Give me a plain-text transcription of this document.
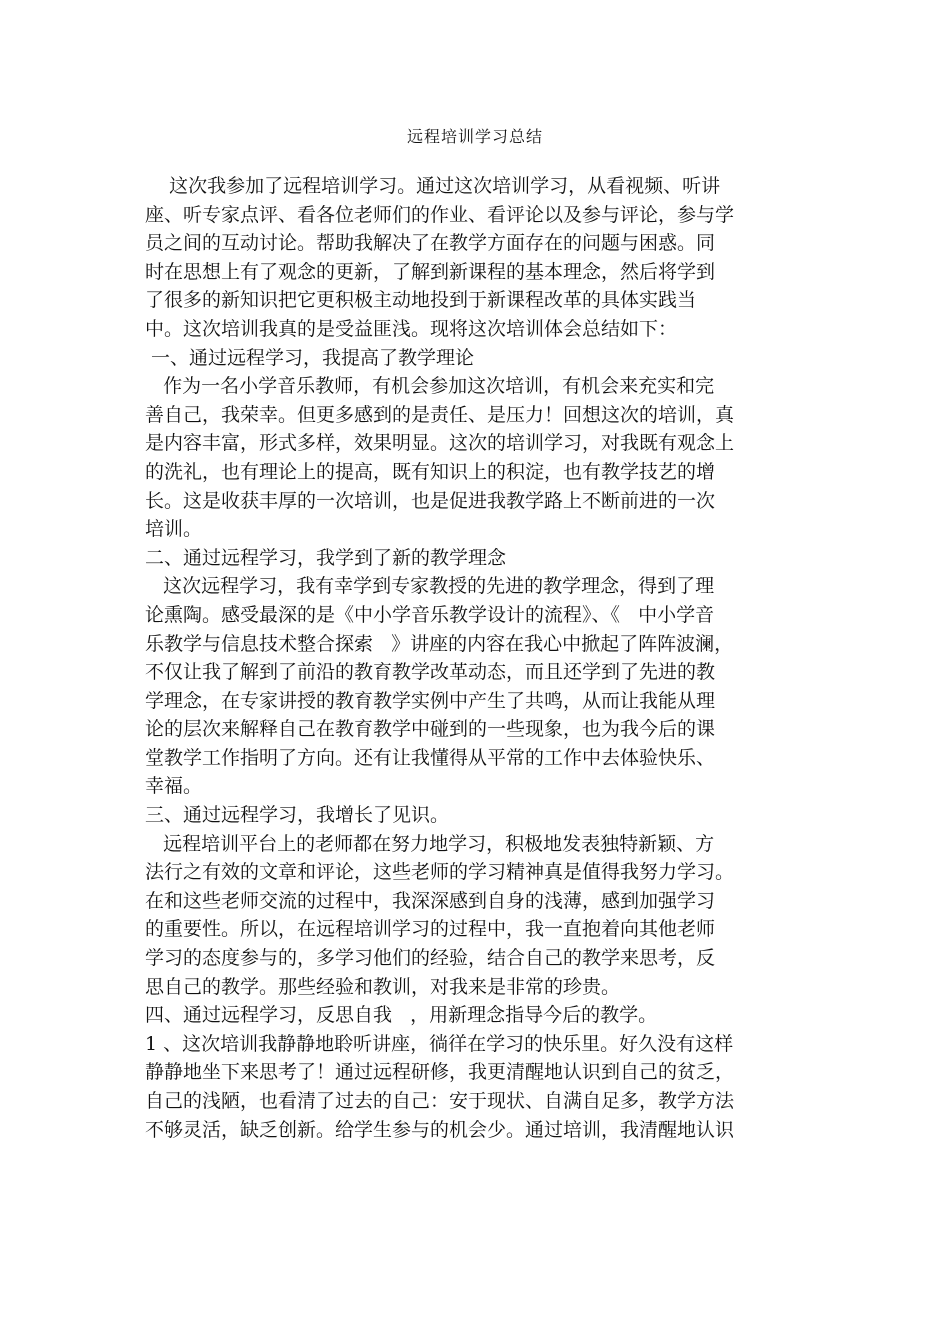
远程培训学习总结
这次我参加了远程培训学习。通过这次培训学习，从看视频、听讲
座、听专家点评、看各位老师们的作业、看评论以及参与评论，参与学
员之间的互动讨论。帮助我解决了在教学方面存在的问题与困惑。同
时在思想上有了观念的更新，了解到新课程的基本理念，然后将学到
了很多的新知识把它更积极主动地投到于新课程改革的具体实践当
中。这次培训我真的是受益匪浅。现将这次培训体会总结如下：
一、通过远程学习，我提高了教学理论
作为一名小学音乐教师，有机会参加这次培训，有机会来充实和完
善自己，我荣幸。但更多感到的是责任、是压力！回想这次的培训，真
是内容丰富，形式多样，效果明显。这次的培训学习，对我既有观念上
的洗礼，也有理论上的提高，既有知识上的积淀，也有教学技艺的增
长。这是收获丰厚的一次培训，也是促进我教学路上不断前进的一次
培训。
二、通过远程学习，我学到了新的教学理念
这次远程学习，我有幸学到专家教授的先进的教学理念，得到了理
论熏陶。感受最深的是《中小学音乐教学设计的流程》、《   中小学音
乐教学与信息技术整合探索   》讲座的内容在我心中掀起了阵阵波澜，
不仅让我了解到了前沿的教育教学改革动态，而且还学到了先进的教
学理念，在专家讲授的教育教学实例中产生了共鸣，从而让我能从理
论的层次来解释自己在教育教学中碰到的一些现象，也为我今后的课
堂教学工作指明了方向。还有让我懂得从平常的工作中去体验快乐、
幸福。
三、通过远程学习，我增长了见识。
远程培训平台上的老师都在努力地学习，积极地发表独特新颖、方
法行之有效的文章和评论，这些老师的学习精神真是值得我努力学习。
在和这些老师交流的过程中，我深深感到自身的浅薄，感到加强学习
的重要性。所以，在远程培训学习的过程中，我一直抱着向其他老师
学习的态度参与的，多学习他们的经验，结合自己的教学来思考，反
思自己的教学。那些经验和教训，对我来是非常的珍贵。
四、通过远程学习，反思自我   ，用新理念指导今后的教学。
1 、这次培训我静静地聆听讲座，徜徉在学习的快乐里。好久没有这样
静静地坐下来思考了！通过远程研修，我更清醒地认识到自己的贫乏，
自己的浅陋，也看清了过去的自己：安于现状、自满自足多，教学方法
不够灵活，缺乏创新。给学生参与的机会少。通过培训，我清醒地认识
